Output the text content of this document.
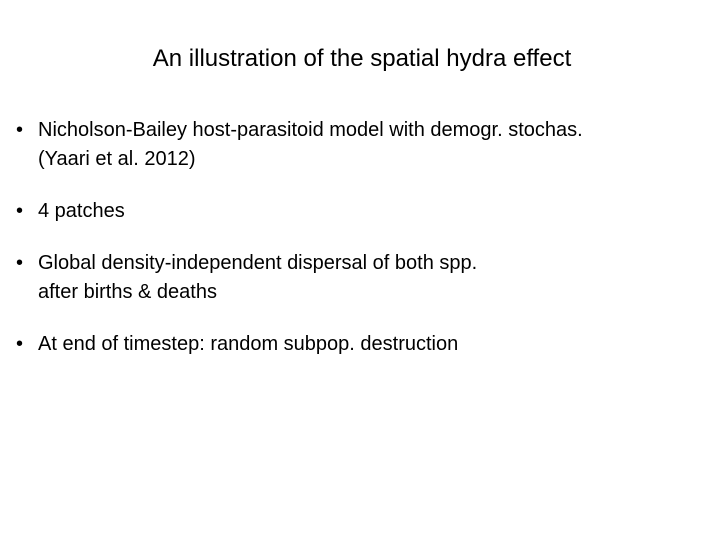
An illustration of the spatial hydra effect
• Nicholson-Bailey host-parasitoid model with demogr. stochas.
(Yaari et al. 2012)
• 4 patches
• Global density-independent dispersal of both spp.
after births & deaths
• At end of timestep: random subpop. destruction
